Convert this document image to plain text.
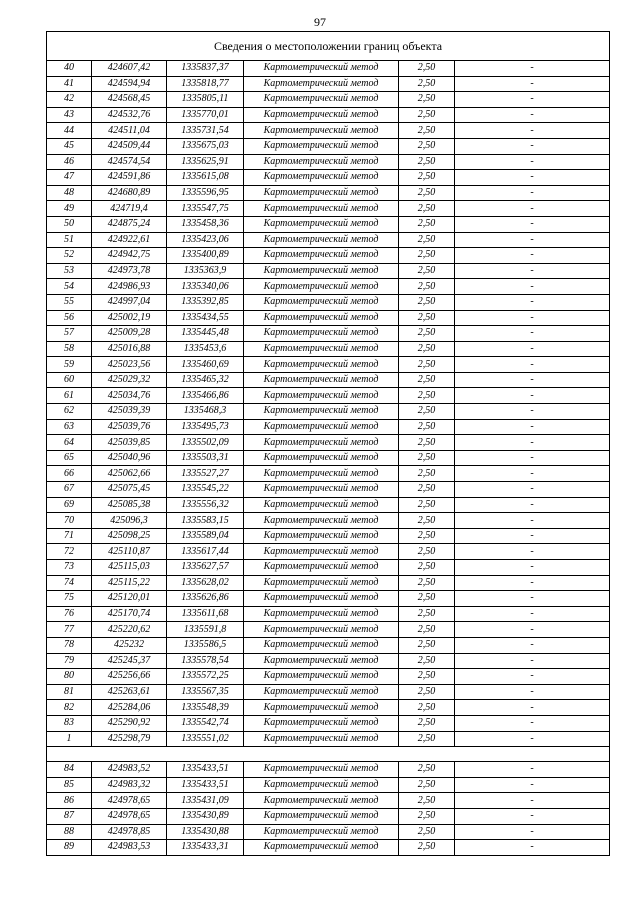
97
Сведения о местоположении границ объекта					
40	424607,42	1335837,37	Картометрический метод	2,50	-
41	424594,94	1335818,77	Картометрический метод	2,50	-
42	424568,45	1335805,11	Картометрический метод	2,50	-
43	424532,76	1335770,01	Картометрический метод	2,50	-
44	424511,04	1335731,54	Картометрический метод	2,50	-
45	424509,44	1335675,03	Картометрический метод	2,50	-
46	424574,54	1335625,91	Картометрический метод	2,50	-
47	424591,86	1335615,08	Картометрический метод	2,50	-
48	424680,89	1335596,95	Картометрический метод	2,50	-
49	424719,4	1335547,75	Картометрический метод	2,50	-
50	424875,24	1335458,36	Картометрический метод	2,50	-
51	424922,61	1335423,06	Картометрический метод	2,50	-
52	424942,75	1335400,89	Картометрический метод	2,50	-
53	424973,78	1335363,9	Картометрический метод	2,50	-
54	424986,93	1335340,06	Картометрический метод	2,50	-
55	424997,04	1335392,85	Картометрический метод	2,50	-
56	425002,19	1335434,55	Картометрический метод	2,50	-
57	425009,28	1335445,48	Картометрический метод	2,50	-
58	425016,88	1335453,6	Картометрический метод	2,50	-
59	425023,56	1335460,69	Картометрический метод	2,50	-
60	425029,32	1335465,32	Картометрический метод	2,50	-
61	425034,76	1335466,86	Картометрический метод	2,50	-
62	425039,39	1335468,3	Картометрический метод	2,50	-
63	425039,76	1335495,73	Картометрический метод	2,50	-
64	425039,85	1335502,09	Картометрический метод	2,50	-
65	425040,96	1335503,31	Картометрический метод	2,50	-
66	425062,66	1335527,27	Картометрический метод	2,50	-
67	425075,45	1335545,22	Картометрический метод	2,50	-
69	425085,38	1335556,32	Картометрический метод	2,50	-
70	425096,3	1335583,15	Картометрический метод	2,50	-
71	425098,25	1335589,04	Картометрический метод	2,50	-
72	425110,87	1335617,44	Картометрический метод	2,50	-
73	425115,03	1335627,57	Картометрический метод	2,50	-
74	425115,22	1335628,02	Картометрический метод	2,50	-
75	425120,01	1335626,86	Картометрический метод	2,50	-
76	425170,74	1335611,68	Картометрический метод	2,50	-
77	425220,62	1335591,8	Картометрический метод	2,50	-
78	425232	1335586,5	Картометрический метод	2,50	-
79	425245,37	1335578,54	Картометрический метод	2,50	-
80	425256,66	1335572,25	Картометрический метод	2,50	-
81	425263,61	1335567,35	Картометрический метод	2,50	-
82	425284,06	1335548,39	Картометрический метод	2,50	-
83	425290,92	1335542,74	Картометрический метод	2,50	-
1	425298,79	1335551,02	Картометрический метод	2,50	-

84	424983,52	1335433,51	Картометрический метод	2,50	-
85	424983,32	1335433,51	Картометрический метод	2,50	-
86	424978,65	1335431,09	Картометрический метод	2,50	-
87	424978,65	1335430,89	Картометрический метод	2,50	-
88	424978,85	1335430,88	Картометрический метод	2,50	-
89	424983,53	1335433,31	Картометрический метод	2,50	-
